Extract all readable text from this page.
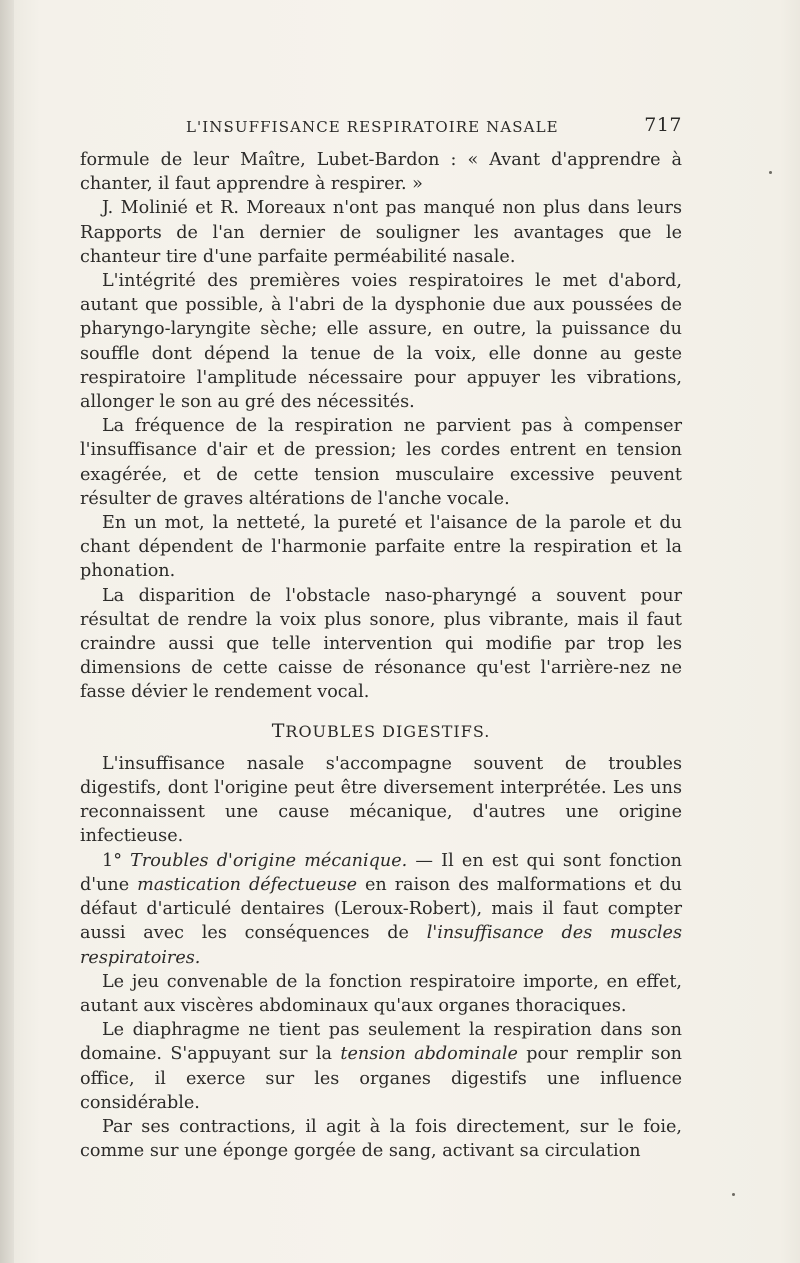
L'INSUFFISANCE RESPIRATOIRE NASALE	717

formule de leur Maître, Lubet-Bardon : « Avant d'apprendre à chanter, il faut apprendre à respirer. »

J. Molinié et R. Moreaux n'ont pas manqué non plus dans leurs Rapports de l'an dernier de souligner les avantages que le chanteur tire d'une parfaite perméabilité nasale.

L'intégrité des premières voies respiratoires le met d'abord, autant que possible, à l'abri de la dysphonie due aux poussées de pharyngo-laryngite sèche; elle assure, en outre, la puissance du souffle dont dépend la tenue de la voix, elle donne au geste respiratoire l'amplitude nécessaire pour appuyer les vibrations, allonger le son au gré des nécessités.

La fréquence de la respiration ne parvient pas à compenser l'insuffisance d'air et de pression; les cordes entrent en tension exagérée, et de cette tension musculaire excessive peuvent résulter de graves altérations de l'anche vocale.

En un mot, la netteté, la pureté et l'aisance de la parole et du chant dépendent de l'harmonie parfaite entre la respiration et la phonation.

La disparition de l'obstacle naso-pharyngé a souvent pour résultat de rendre la voix plus sonore, plus vibrante, mais il faut craindre aussi que telle intervention qui modifie par trop les dimensions de cette caisse de résonance qu'est l'arrière-nez ne fasse dévier le rendement vocal.

TROUBLES DIGESTIFS.

L'insuffisance nasale s'accompagne souvent de troubles digestifs, dont l'origine peut être diversement interprétée. Les uns reconnaissent une cause mécanique, d'autres une origine infectieuse.

1° Troubles d'origine mécanique. — Il en est qui sont fonction d'une mastication défectueuse en raison des malformations et du défaut d'articulé dentaires (Leroux-Robert), mais il faut compter aussi avec les conséquences de l'insuffisance des muscles respiratoires.

Le jeu convenable de la fonction respiratoire importe, en effet, autant aux viscères abdominaux qu'aux organes thoraciques.

Le diaphragme ne tient pas seulement la respiration dans son domaine. S'appuyant sur la tension abdominale pour remplir son office, il exerce sur les organes digestifs une influence considérable.

Par ses contractions, il agit à la fois directement, sur le foie, comme sur une éponge gorgée de sang, activant sa circulation
